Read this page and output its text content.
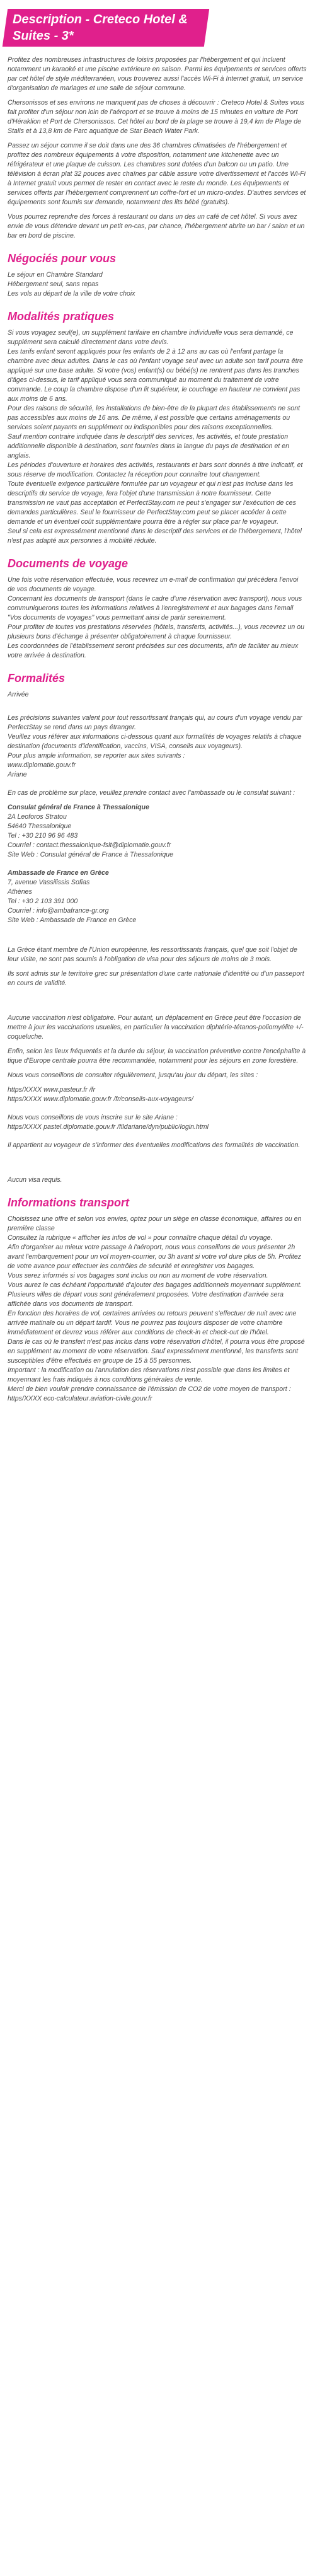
Description - Creteco Hotel & Suites - 3*

Profitez des nombreuses infrastructures de loisirs proposées par l'hébergement et qui incluent notamment un karaoké et une piscine extérieure en saison. Parmi les équipements et services offerts par cet hôtel de style méditerranéen, vous trouverez aussi l'accès Wi-Fi à Internet gratuit, un service d'organisation de mariages et une salle de séjour commune.

Chersonissos et ses environs ne manquent pas de choses à découvrir : Creteco Hotel & Suites vous fait profiter d'un séjour non loin de l'aéroport et se trouve à moins de 15 minutes en voiture de Port d'Héraklion et Port de Chersonissos. Cet hôtel au bord de la plage se trouve à 19,4 km de Plage de Stalis et à 13,8 km de Parc aquatique de Star Beach Water Park.

Passez un séjour comme il se doit dans une des 36 chambres climatisées de l'hébergement et profitez des nombreux équipements à votre disposition, notamment une kitchenette avec un réfrigérateur et une plaque de cuisson. Les chambres sont dotées d'un balcon ou un patio. Une télévision à écran plat 32 pouces avec chaînes par câble assure votre divertissement et l'accès Wi-Fi à Internet gratuit vous permet de rester en contact avec le reste du monde. Les équipements et services offerts par l'hébergement comprennent un coffre-fort et un micro-ondes. D'autres services et équipements sont fournis sur demande, notamment des lits bébé (gratuits).

Vous pourrez reprendre des forces à restaurant ou dans un des un café de cet hôtel. Si vous avez envie de vous détendre devant un petit en-cas, par chance, l'hébergement abrite un bar / salon et un bar en bord de piscine.

Négociés pour vous

Le séjour en Chambre Standard

Hébergement seul, sans repas

Les vols au départ de la ville de votre choix

Modalités pratiques

Si vous voyagez seul(e), un supplément tarifaire en chambre individuelle vous sera demandé, ce supplément sera calculé directement dans votre devis.

Les tarifs enfant seront appliqués pour les enfants de 2 à 12 ans au cas où l'enfant partage la chambre avec deux adultes. Dans le cas où l'enfant voyage seul avec un adulte son tarif pourra être appliqué sur une base adulte. Si votre (vos) enfant(s) ou bébé(s) ne rentrent pas dans les tranches d'âges ci-dessus, le tarif appliqué vous sera communiqué au moment du traitement de votre commande. Le coup la chambre dispose d'un lit supérieur, le couchage en hauteur ne convient pas aux moins de 6 ans.

Pour des raisons de sécurité, les installations de bien-être de la plupart des établissements ne sont pas accessibles aux moins de 16 ans. De même, il est possible que certains aménagements ou services soient payants en supplément ou indisponibles pour des raisons exceptionnelles.

Sauf mention contraire indiquée dans le descriptif des services, les activités, et toute prestation additionnelle disponible à destination, sont fournies dans la langue du pays de destination et en anglais.

Les périodes d'ouverture et horaires des activités, restaurants et bars sont donnés à titre indicatif, et sous réserve de modification. Contactez la réception pour connaître tout changement.

Toute éventuelle exigence particulière formulée par un voyageur et qui n'est pas incluse dans les descriptifs du service de voyage, fera l'objet d'une transmission à notre fournisseur. Cette transmission ne vaut pas acceptation et PerfectStay.com ne peut s'engager sur l'exécution de ces demandes particulières. Seul le fournisseur de PerfectStay.com peut se placer accéder à cette demande et un éventuel coût supplémentaire pourra être à régler sur place par le voyageur.

Seul si cela est expressément mentionné dans le descriptif des services et de l'hébergement, l'hôtel n'est pas adapté aux personnes à mobilité réduite.

Documents de voyage

Une fois votre réservation effectuée, vous recevrez un e-mail de confirmation qui précédera l'envoi de vos documents de voyage.

Concernant les documents de transport (dans le cadre d'une réservation avec transport), nous vous communiquerons toutes les informations relatives à l'enregistrement et aux bagages dans l'email "Vos documents de voyages" vous permettant ainsi de partir sereinement.

Pour profiter de toutes vos prestations réservées (hôtels, transferts, activités...), vous recevrez un ou plusieurs bons d'échange à présenter obligatoirement à chaque fournisseur.

Les coordonnées de l'établissement seront précisées sur ces documents, afin de faciliter au mieux votre arrivée à destination.

Formalités

Arrivée

Les précisions suivantes valent pour tout ressortissant français qui, au cours d'un voyage vendu par PerfectStay se rend dans un pays étranger.

Veuillez vous référer aux informations ci-dessous quant aux formalités de voyages relatifs à chaque destination (documents d'identification, vaccins, VISA, conseils aux voyageurs).

Pour plus ample information, se reporter aux sites suivants :

www.diplomatie.gouv.fr

Ariane

En cas de problème sur place, veuillez prendre contact avec l'ambassade ou le consulat suivant :

Consulat général de France à Thessalonique

2A Leoforos Stratou

54640 Thessalonique

Tel : +30 210 96 96 483

Courriel : contact.thessalonique-fslt@diplomatie.gouv.fr

Site Web : Consulat général de France à Thessalonique

Ambassade de France en Grèce

7, avenue Vassilissis Sofias

Athènes

Tel : +30 2 103 391 000

Courriel : info@ambafrance-gr.org

Site Web : Ambassade de France en Grèce

La Grèce étant membre de l'Union européenne, les ressortissants français, quel que soit l'objet de leur visite, ne sont pas soumis à l'obligation de visa pour des séjours de moins de 3 mois.

Ils sont admis sur le territoire grec sur présentation d'une carte nationale d'identité ou d'un passeport en cours de validité.

Aucune vaccination n'est obligatoire. Pour autant, un déplacement en Grèce peut être l'occasion de mettre à jour les vaccinations usuelles, en particulier la vaccination diphtérie-tétanos-poliomyélite +/- coqueluche.

Enfin, selon les lieux fréquentés et la durée du séjour, la vaccination préventive contre l'encéphalite à tique d'Europe centrale pourra être recommandée, notamment pour les séjours en zone forestière.

Nous vous conseillons de consulter régulièrement, jusqu'au jour du départ, les sites :

https/XXXX www.pasteur.fr /fr

https/XXXX www.diplomatie.gouv.fr /fr/conseils-aux-voyageurs/

Nous vous conseillons de vous inscrire sur le site Ariane :

https/XXXX pastel.diplomatie.gouv.fr /fildariane/dyn/public/login.html

Il appartient au voyageur de s'informer des éventuelles modifications des formalités de vaccination.

Aucun visa requis.

Informations transport

Choisissez une offre et selon vos envies, optez pour un siège en classe économique, affaires ou en première classe

Consultez la rubrique « afficher les infos de vol » pour connaître chaque détail du voyage.

Afin d'organiser au mieux votre passage à l'aéroport, nous vous conseillons de vous présenter 2h avant l'embarquement pour un vol moyen-courrier, ou 3h avant si votre vol dure plus de 5h. Profitez de votre avance pour effectuer les contrôles de sécurité et enregistrer vos bagages.

Vous serez informés si vos bagages sont inclus ou non au moment de votre réservation.

Vous aurez le cas échéant l'opportunité d'ajouter des bagages additionnels moyennant supplément.

Plusieurs villes de départ vous sont généralement proposées. Votre destination d'arrivée sera affichée dans vos documents de transport.

En fonction des horaires de vol, certaines arrivées ou retours peuvent s'effectuer de nuit avec une arrivée matinale ou un départ tardif. Vous ne pourrez pas toujours disposer de votre chambre immédiatement et devrez vous référer aux conditions de check-in et check-out de l'hôtel.

Dans le cas où le transfert n'est pas inclus dans votre réservation d'hôtel, il pourra vous être proposé en supplément au moment de votre réservation. Sauf expressément mentionné, les transferts sont susceptibles d'être effectués en groupe de 15 à 55 personnes.

Important : la modification ou l'annulation des réservations n'est possible que dans les limites et moyennant les frais indiqués à nos conditions générales de vente.

Merci de bien vouloir prendre connaissance de l'émission de CO2 de votre moyen de transport : https/XXXX eco-calculateur.aviation-civile.gouv.fr
